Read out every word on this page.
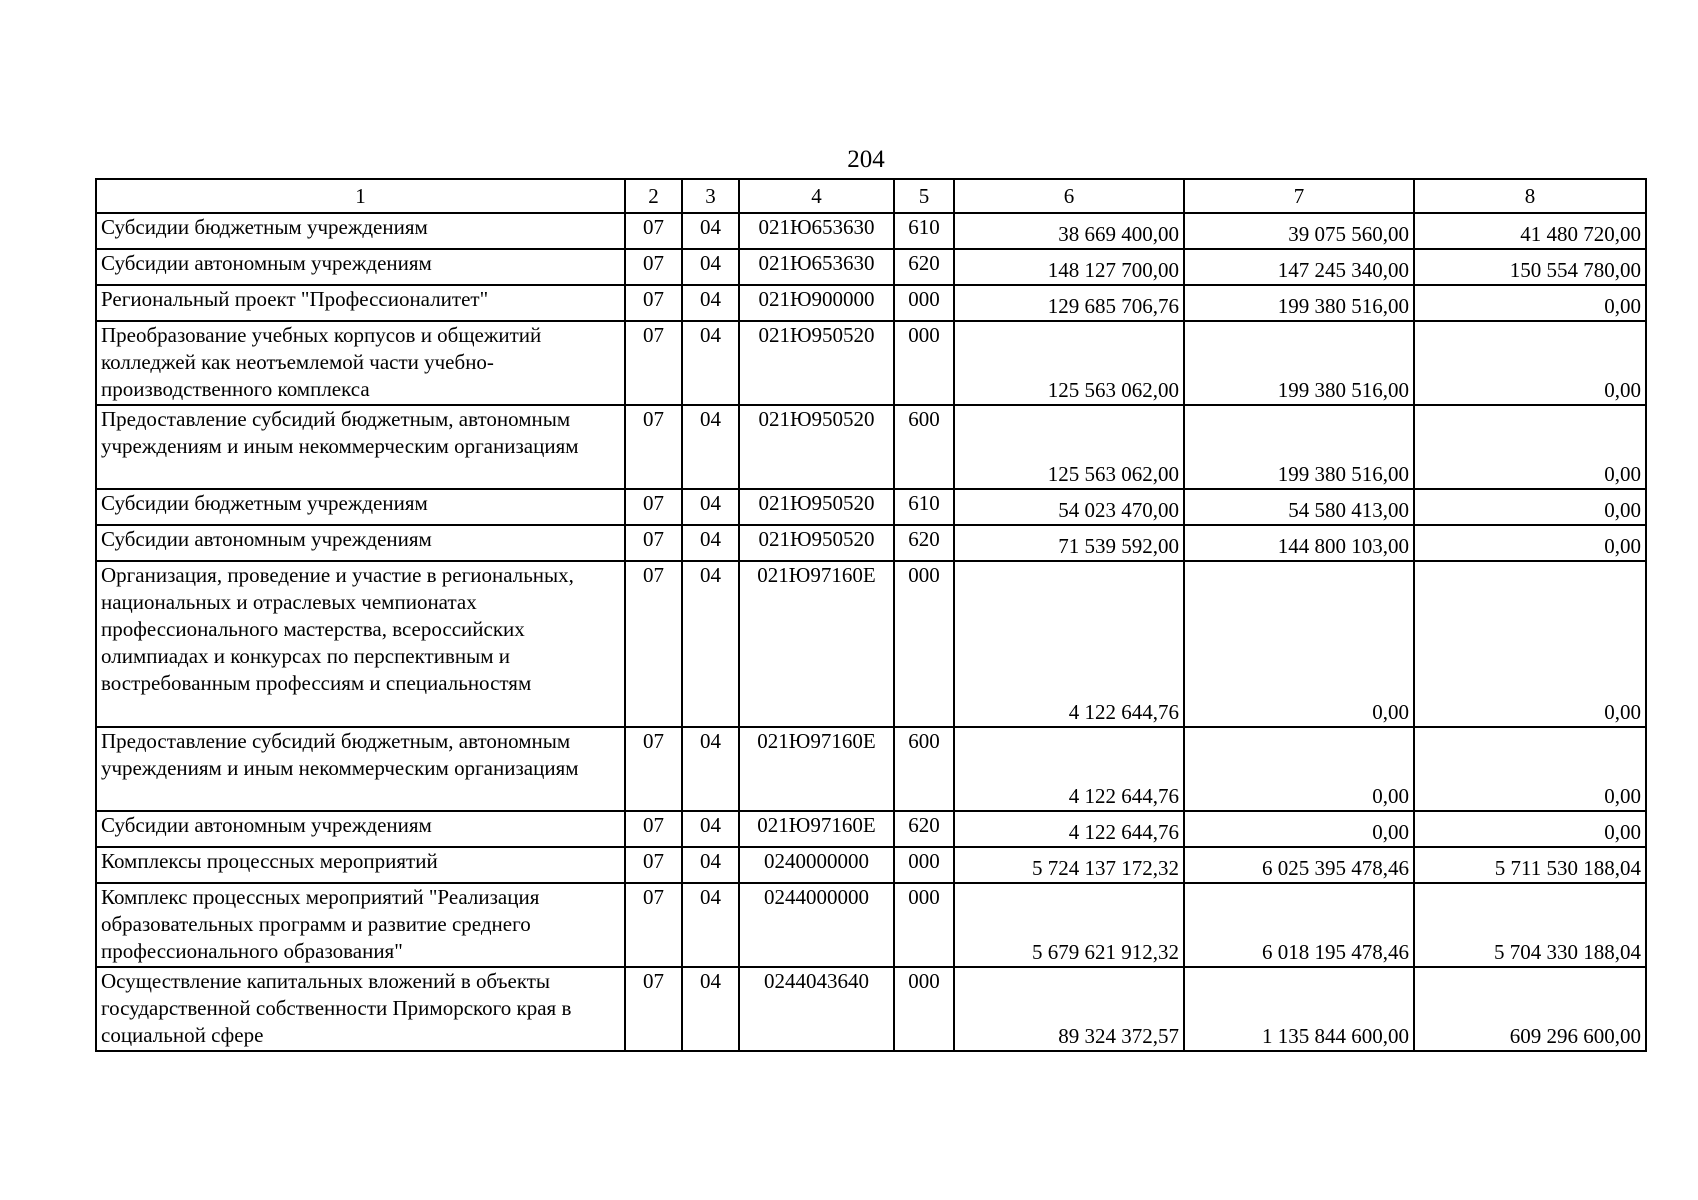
204
1	2	3	4	5	6	7	8
Субсидии бюджетным учреждениям	07	04	021Ю653630	610	38 669 400,00	39 075 560,00	41 480 720,00
Субсидии автономным учреждениям	07	04	021Ю653630	620	148 127 700,00	147 245 340,00	150 554 780,00
Региональный проект "Профессионалитет"	07	04	021Ю900000	000	129 685 706,76	199 380 516,00	0,00
Преобразование учебных корпусов и общежитий колледжей как неотъемлемой части учебно-производственного комплекса	07	04	021Ю950520	000	125 563 062,00	199 380 516,00	0,00
Предоставление субсидий бюджетным, автономным учреждениям и иным некоммерческим организациям	07	04	021Ю950520	600	125 563 062,00	199 380 516,00	0,00
Субсидии бюджетным учреждениям	07	04	021Ю950520	610	54 023 470,00	54 580 413,00	0,00
Субсидии автономным учреждениям	07	04	021Ю950520	620	71 539 592,00	144 800 103,00	0,00
Организация, проведение и участие в региональных, национальных и отраслевых чемпионатах профессионального мастерства, всероссийских олимпиадах и конкурсах по перспективным и востребованным профессиям и специальностям	07	04	021Ю97160Е	000	4 122 644,76	0,00	0,00
Предоставление субсидий бюджетным, автономным учреждениям и иным некоммерческим организациям	07	04	021Ю97160Е	600	4 122 644,76	0,00	0,00
Субсидии автономным учреждениям	07	04	021Ю97160Е	620	4 122 644,76	0,00	0,00
Комплексы процессных мероприятий	07	04	0240000000	000	5 724 137 172,32	6 025 395 478,46	5 711 530 188,04
Комплекс процессных мероприятий "Реализация образовательных программ и развитие среднего профессионального образования"	07	04	0244000000	000	5 679 621 912,32	6 018 195 478,46	5 704 330 188,04
Осуществление капитальных вложений в объекты государственной собственности Приморского края в социальной сфере	07	04	0244043640	000	89 324 372,57	1 135 844 600,00	609 296 600,00
